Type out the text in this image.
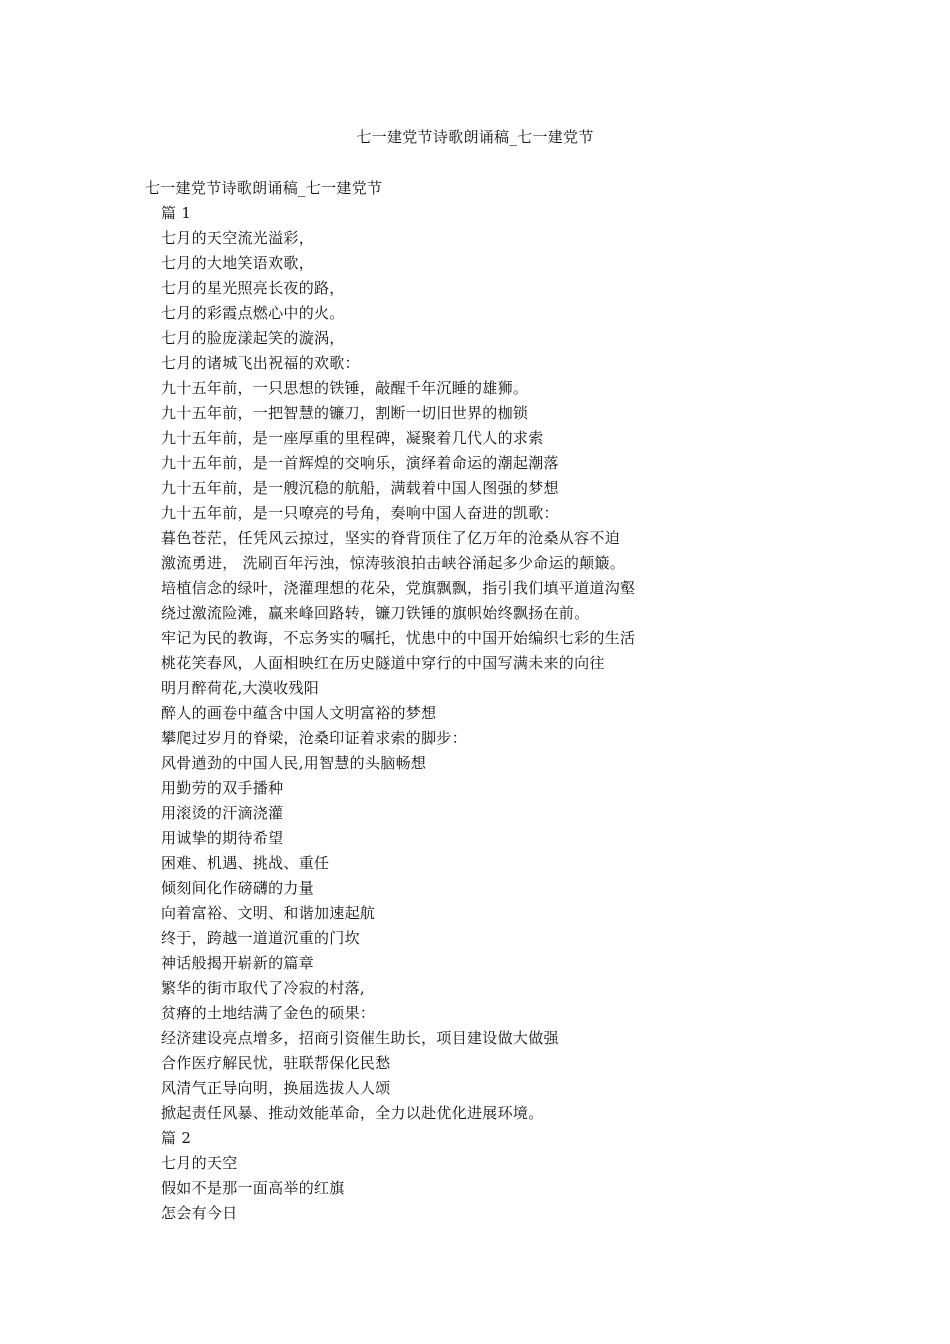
七一建党节诗歌朗诵稿_七一建党节
七一建党节诗歌朗诵稿_七一建党节
篇 1
七月的天空流光溢彩，
七月的大地笑语欢歌，
七月的星光照亮长夜的路，
七月的彩霞点燃心中的火。
七月的脸庞漾起笑的漩涡，
七月的诸城飞出祝福的欢歌：
九十五年前，一只思想的铁锤，敲醒千年沉睡的雄狮。
九十五年前，一把智慧的镰刀，割断一切旧世界的枷锁
九十五年前，是一座厚重的里程碑，凝聚着几代人的求索
九十五年前，是一首辉煌的交响乐，演绎着命运的潮起潮落
九十五年前，是一艘沉稳的航船，满载着中国人图强的梦想
九十五年前，是一只嘹亮的号角，奏响中国人奋进的凯歌：
暮色苍茫，任凭风云掠过，坚实的脊背顶住了亿万年的沧桑从容不迫
激流勇进， 洗刷百年污浊，惊涛骇浪拍击峡谷涌起多少命运的颠簸。
培植信念的绿叶，浇灌理想的花朵，党旗飘飘，指引我们填平道道沟壑
绕过激流险滩，赢来峰回路转，镰刀铁锤的旗帜始终飘扬在前。
牢记为民的教诲，不忘务实的嘱托，忧患中的中国开始编织七彩的生活
桃花笑春风，人面相映红在历史隧道中穿行的中国写满未来的向往
明月醉荷花,大漠收残阳
醉人的画卷中蕴含中国人文明富裕的梦想
攀爬过岁月的脊梁，沧桑印证着求索的脚步：
风骨遒劲的中国人民,用智慧的头脑畅想
用勤劳的双手播种
用滚烫的汗滴浇灌
用诚挚的期待希望
困难、机遇、挑战、重任
倾刻间化作磅礴的力量
向着富裕、文明、和谐加速起航
终于，跨越一道道沉重的门坎
神话般揭开崭新的篇章
繁华的街市取代了冷寂的村落,
贫瘠的土地结满了金色的硕果：
经济建设亮点增多，招商引资催生助长，项目建设做大做强
合作医疗解民忧，驻联帮保化民愁
风清气正导向明，换届选拔人人颂
掀起责任风暴、推动效能革命，全力以赴优化进展环境。
篇 2
七月的天空
假如不是那一面高举的红旗
怎会有今日
